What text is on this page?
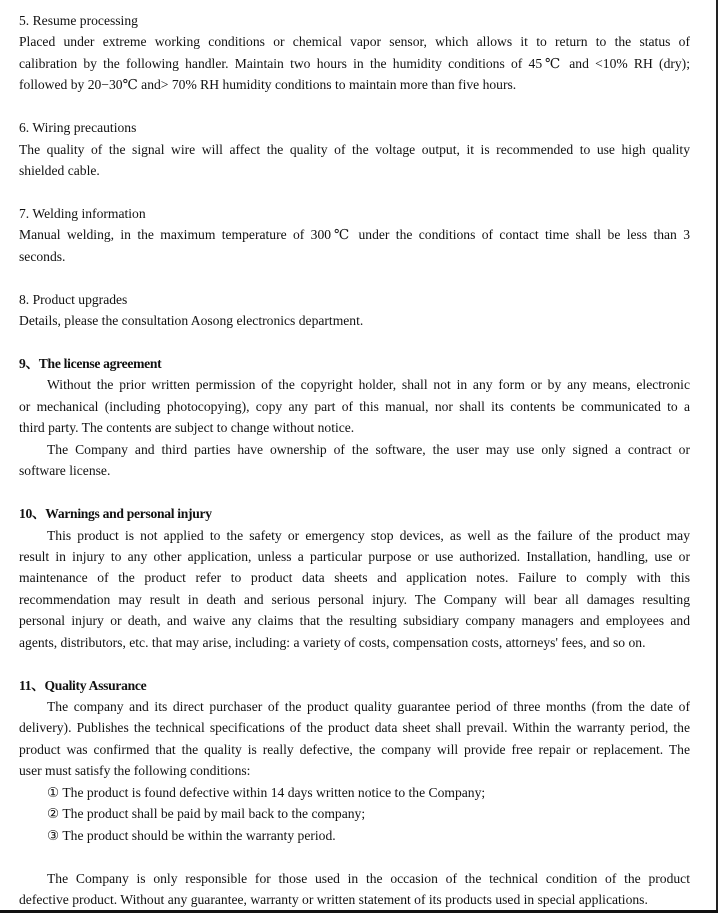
5. Resume processing
Placed under extreme working conditions or chemical vapor sensor, which allows it to return to the status of
calibration by the following handler. Maintain two hours in the humidity conditions of 45℃ and <10% RH (dry);
followed by 20−30℃ and> 70% RH humidity conditions to maintain more than five hours.
6. Wiring precautions
The quality of the signal wire will affect the quality of the voltage output, it is recommended to use high quality
shielded cable.
7. Welding information
Manual welding, in the maximum temperature of 300℃ under the conditions of contact time shall be less than 3
seconds.
8. Product upgrades
Details, please the consultation Aosong electronics department.
9、The license agreement
Without the prior written permission of the copyright holder, shall not in any form or by any means, electronic
or mechanical (including photocopying), copy any part of this manual, nor shall its contents be communicated to a
third party. The contents are subject to change without notice.
The Company and third parties have ownership of the software, the user may use only signed a contract or
software license.
10、Warnings and personal injury
This product is not applied to the safety or emergency stop devices, as well as the failure of the product may
result in injury to any other application, unless a particular purpose or use authorized. Installation, handling, use or
maintenance of the product refer to product data sheets and application notes. Failure to comply with this
recommendation may result in death and serious personal injury. The Company will bear all damages resulting
personal injury or death, and waive any claims that the resulting subsidiary company managers and employees and
agents, distributors, etc. that may arise, including: a variety of costs, compensation costs, attorneys' fees, and so on.
11、Quality Assurance
The company and its direct purchaser of the product quality guarantee period of three months (from the date of
delivery). Publishes the technical specifications of the product data sheet shall prevail. Within the warranty period, the
product was confirmed that the quality is really defective, the company will provide free repair or replacement. The
user must satisfy the following conditions:
① The product is found defective within 14 days written notice to the Company;
② The product shall be paid by mail back to the company;
③ The product should be within the warranty period.
The Company is only responsible for those used in the occasion of the technical condition of the product
defective product. Without any guarantee, warranty or written statement of its products used in special applications.
